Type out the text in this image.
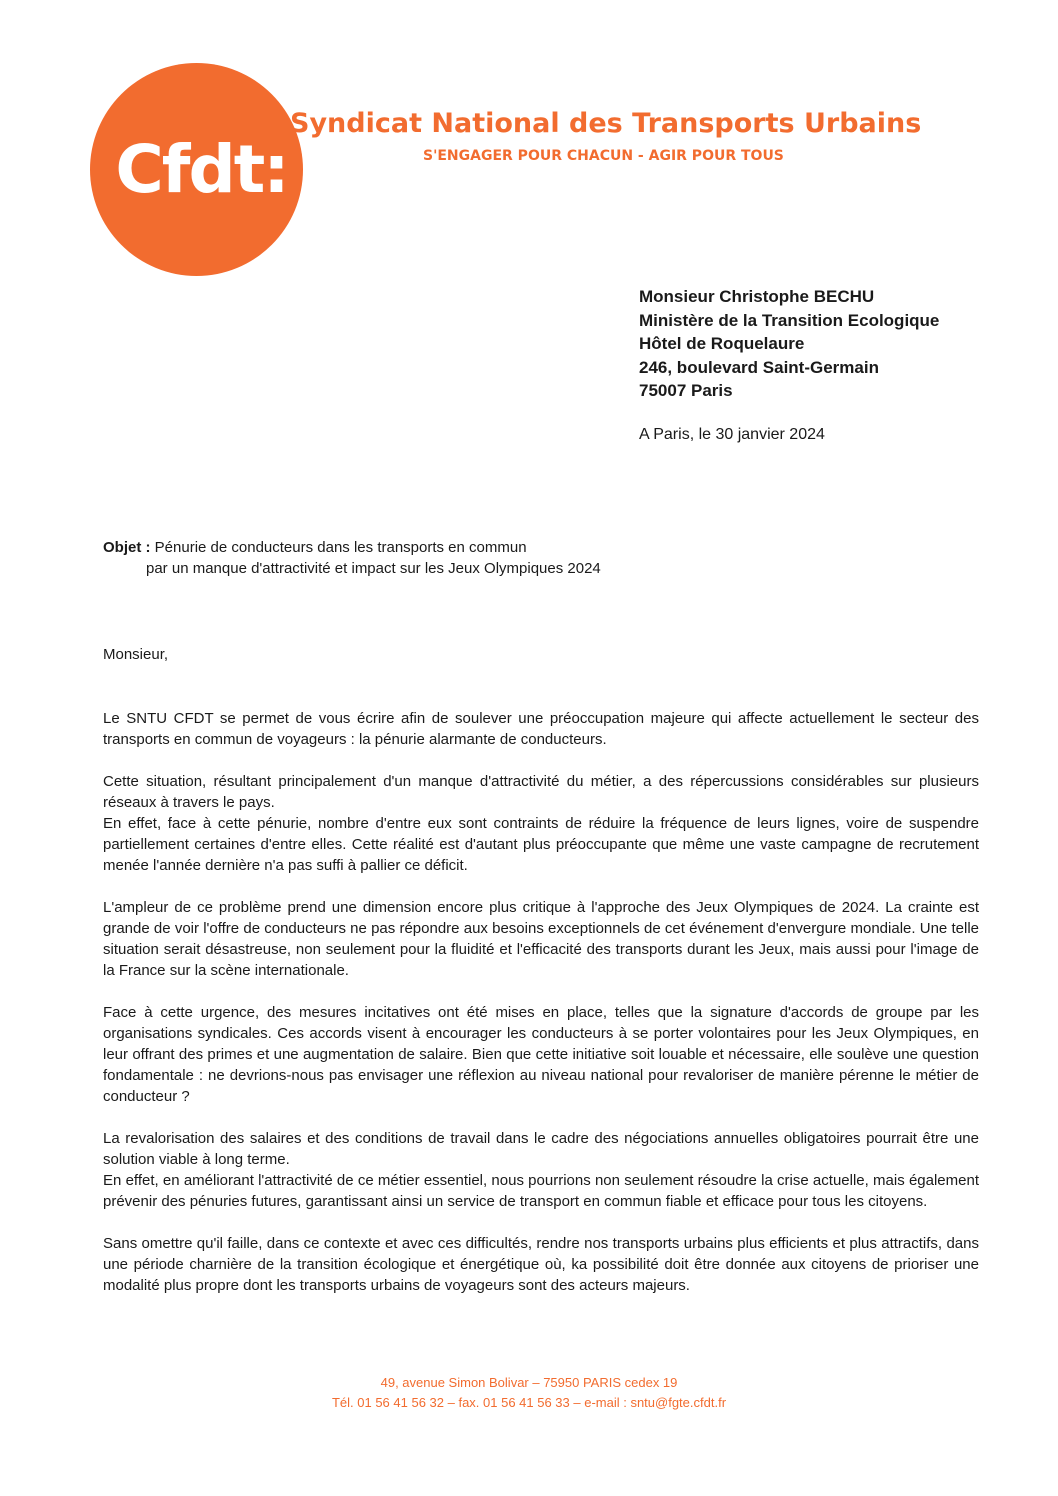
Cfdt:
Syndicat National des Transports Urbains
S'ENGAGER POUR CHACUN - AGIR POUR TOUS
Monsieur Christophe BECHU
Ministère de la Transition Ecologique
Hôtel de Roquelaure
246, boulevard Saint-Germain
75007 Paris
A Paris, le 30 janvier 2024
Objet : Pénurie de conducteurs dans les transports en commun
par un manque d'attractivité et impact sur les Jeux Olympiques 2024
Monsieur,

Le SNTU CFDT se permet de vous écrire afin de soulever une préoccupation majeure qui affecte actuellement le secteur des transports en commun de voyageurs : la pénurie alarmante de conducteurs.

Cette situation, résultant principalement d'un manque d'attractivité du métier, a des répercussions considérables sur plusieurs réseaux à travers le pays.

En effet, face à cette pénurie, nombre d'entre eux sont contraints de réduire la fréquence de leurs lignes, voire de suspendre partiellement certaines d'entre elles. Cette réalité est d'autant plus préoccupante que même une vaste campagne de recrutement menée l'année dernière n'a pas suffi à pallier ce déficit.

L'ampleur de ce problème prend une dimension encore plus critique à l'approche des Jeux Olympiques de 2024. La crainte est grande de voir l'offre de conducteurs ne pas répondre aux besoins exceptionnels de cet événement d'envergure mondiale. Une telle situation serait désastreuse, non seulement pour la fluidité et l'efficacité des transports durant les Jeux, mais aussi pour l'image de la France sur la scène internationale.

Face à cette urgence, des mesures incitatives ont été mises en place, telles que la signature d'accords de groupe par les organisations syndicales. Ces accords visent à encourager les conducteurs à se porter volontaires pour les Jeux Olympiques, en leur offrant des primes et une augmentation de salaire. Bien que cette initiative soit louable et nécessaire, elle soulève une question fondamentale : ne devrions-nous pas envisager une réflexion au niveau national pour revaloriser de manière pérenne le métier de conducteur ?

La revalorisation des salaires et des conditions de travail dans le cadre des négociations annuelles obligatoires pourrait être une solution viable à long terme.

En effet, en améliorant l'attractivité de ce métier essentiel, nous pourrions non seulement résoudre la crise actuelle, mais également prévenir des pénuries futures, garantissant ainsi un service de transport en commun fiable et efficace pour tous les citoyens.

Sans omettre qu'il faille, dans ce contexte et avec ces difficultés, rendre nos transports urbains plus efficients et plus attractifs, dans une période charnière de la transition écologique et énergétique où, ka possibilité doit être donnée aux citoyens de prioriser une modalité plus propre dont les transports urbains de voyageurs sont des acteurs majeurs.

49, avenue Simon Bolivar – 75950 PARIS cedex 19
Tél. 01 56 41 56 32 – fax. 01 56 41 56 33 – e-mail : sntu@fgte.cfdt.fr
